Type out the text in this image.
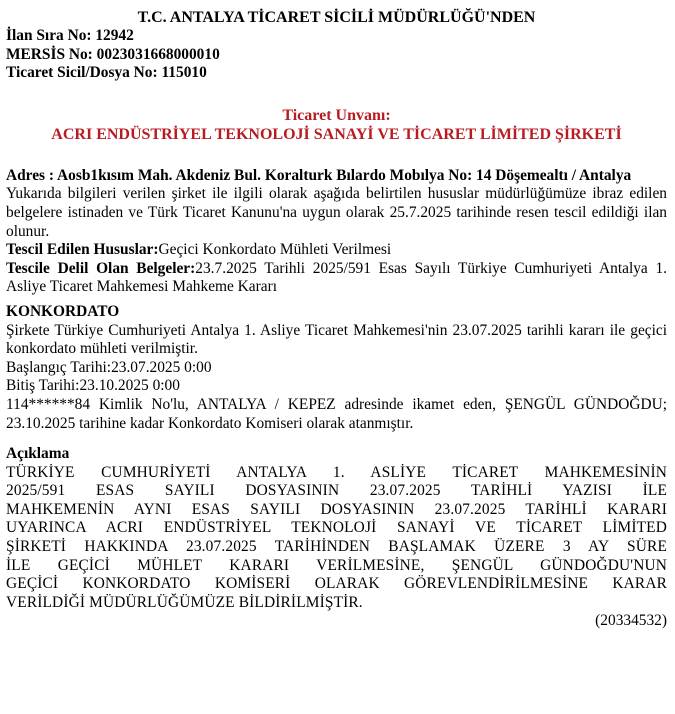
T.C. ANTALYA TİCARET SİCİLİ MÜDÜRLÜĞÜ'NDEN
İlan Sıra No: 12942
MERSİS No: 0023031668000010
Ticaret Sicil/Dosya No: 115010
Ticaret Unvanı:
ACRI ENDÜSTRİYEL TEKNOLOJİ SANAYİ VE TİCARET LİMİTED ŞİRKETİ
Adres : Aosb1kısım Mah. Akdeniz Bul. Koralturk Bılardo Mobılya No: 14 Döşemealtı / Antalya
Yukarıda bilgileri verilen şirket ile ilgili olarak aşağıda belirtilen hususlar müdürlüğümüze ibraz edilen belgelere istinaden ve Türk Ticaret Kanunu'na uygun olarak 25.7.2025 tarihinde resen tescil edildiği ilan olunur.
Tescil Edilen Hususlar:Geçici Konkordato Mühleti Verilmesi
Tescile Delil Olan Belgeler:23.7.2025 Tarihli 2025/591 Esas Sayılı Türkiye Cumhuriyeti Antalya 1. Asliye Ticaret Mahkemesi Mahkeme Kararı
KONKORDATO
Şirkete Türkiye Cumhuriyeti Antalya 1. Asliye Ticaret Mahkemesi'nin 23.07.2025 tarihli kararı ile geçici konkordato mühleti verilmiştir.
Başlangıç Tarihi:23.07.2025 0:00
Bitiş Tarihi:23.10.2025 0:00
114******84 Kimlik No'lu, ANTALYA / KEPEZ adresinde ikamet eden, ŞENGÜL GÜNDOĞDU; 23.10.2025 tarihine kadar Konkordato Komiseri olarak atanmıştır.
Açıklama
TÜRKİYE CUMHURİYETİ ANTALYA 1. ASLİYE TİCARET MAHKEMESİNİN
2025/591 ESAS SAYILI DOSYASININ 23.07.2025 TARİHLİ YAZISI İLE
MAHKEMENİN AYNI ESAS SAYILI DOSYASININ 23.07.2025 TARİHLİ KARARI
UYARINCA ACRI ENDÜSTRİYEL TEKNOLOJİ SANAYİ VE TİCARET LİMİTED
ŞİRKETİ HAKKINDA 23.07.2025 TARİHİNDEN BAŞLAMAK ÜZERE 3 AY SÜRE
İLE GEÇİCİ MÜHLET KARARI VERİLMESİNE, ŞENGÜL GÜNDOĞDU'NUN
GEÇİCİ KONKORDATO KOMİSERİ OLARAK GÖREVLENDİRİLMESİNE KARAR
VERİLDİĞİ MÜDÜRLÜĞÜMÜZE BİLDİRİLMİŞTİR.
(20334532)
